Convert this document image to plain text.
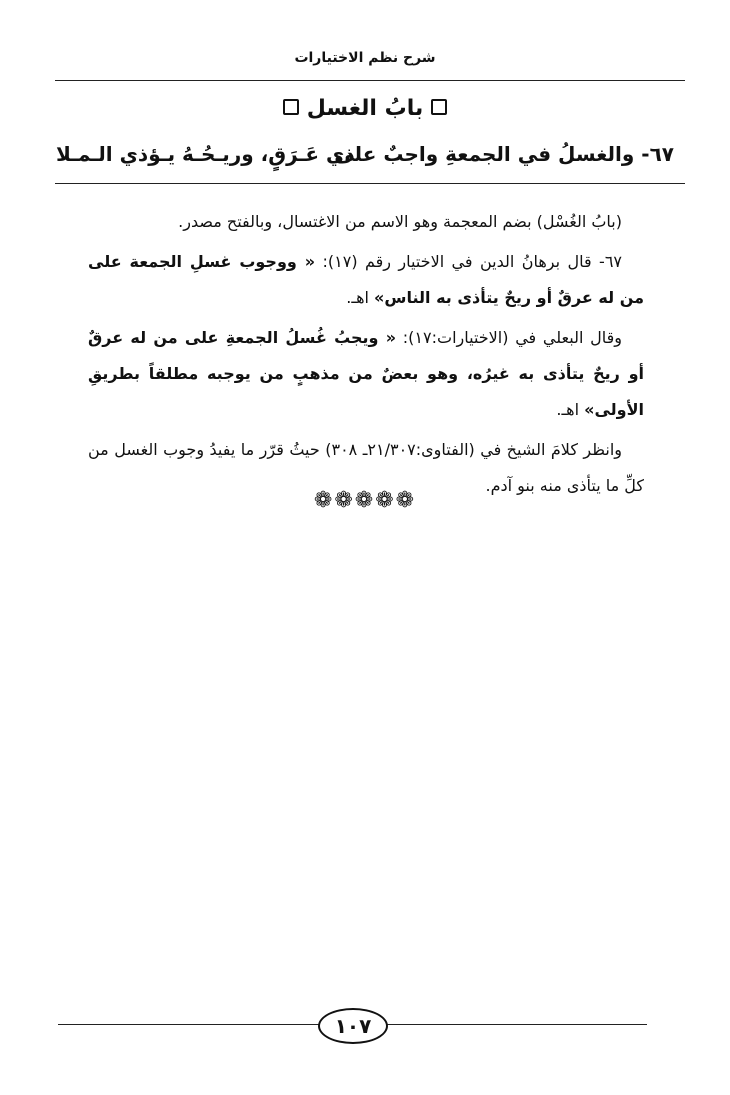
شرح نظم الاختيارات
بابُ الغسل
٦٧- والغسلُ في الجمعةِ واجبٌ على
ذي عَـرَقٍ، وريـحُـهُ يـؤذي الـمـلا

(بابُ الغُسْل) بضم المعجمة وهو الاسم من الاغتسال، وبالفتح مصدر.

٦٧- قال برهانُ الدين في الاختيار رقم (١٧): « ووجوب غسلِ الجمعة على من له عرقٌ أو ريحٌ يتأذى به الناس» اهـ.

وقال البعلي في (الاختيارات:١٧): « ويجبُ غُسلُ الجمعةِ على من له عرقٌ أو ريحٌ يتأذى به غيرُه، وهو بعضٌ من مذهبٍ من يوجبه مطلقاً بطريقِ الأولى» اهـ.

وانظر كلامَ الشيخ في (الفتاوى:٢١/٣٠٧ـ ٣٠٨) حيثُ قرّر ما يفيدُ وجوب الغسل من كلِّ ما يتأذى منه بنو آدم.

❁❁❁❁❁
١٠٧
